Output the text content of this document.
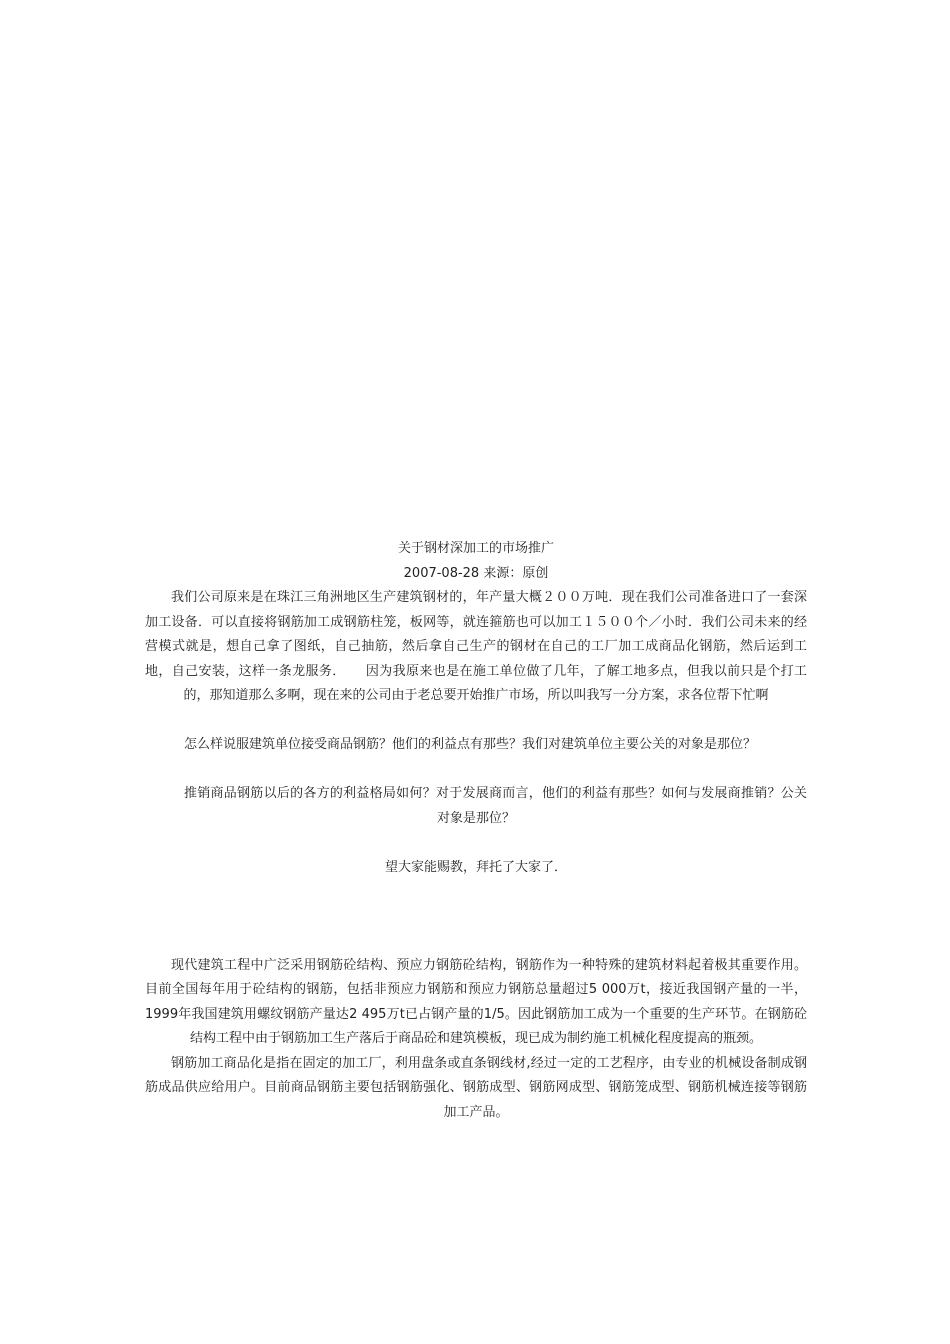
关于钢材深加工的市场推广

2007-08-28 来源：原创

我们公司原来是在珠江三角洲地区生产建筑钢材的，年产量大概２００万吨．现在我们公司准备进口了一套深加工设备．可以直接将钢筋加工成钢筋柱笼，板网等，就连箍筋也可以加工１５００个／小时．我们公司未来的经营模式就是，想自己拿了图纸，自己抽筋，然后拿自己生产的钢材在自己的工厂加工成商品化钢筋，然后运到工地，自己安装，这样一条龙服务．　　因为我原来也是在施工单位做了几年，了解工地多点，但我以前只是个打工的，那知道那么多啊，现在来的公司由于老总要开始推广市场，所以叫我写一分方案，求各位帮下忙啊

怎么样说服建筑单位接受商品钢筋？他们的利益点有那些？我们对建筑单位主要公关的对象是那位？

推销商品钢筋以后的各方的利益格局如何？对于发展商而言，他们的利益有那些？如何与发展商推销？公关对象是那位？

望大家能赐教，拜托了大家了．

现代建筑工程中广泛采用钢筋砼结构、预应力钢筋砼结构，钢筋作为一种特殊的建筑材料起着极其重要作用。目前全国每年用于砼结构的钢筋，包括非预应力钢筋和预应力钢筋总量超过5 000万t，接近我国钢产量的一半，1999年我国建筑用螺纹钢筋产量达2 495万t已占钢产量的1/5。因此钢筋加工成为一个重要的生产环节。在钢筋砼结构工程中由于钢筋加工生产落后于商品砼和建筑模板，现已成为制约施工机械化程度提高的瓶颈。

钢筋加工商品化是指在固定的加工厂，利用盘条或直条钢线材,经过一定的工艺程序，由专业的机械设备制成钢筋成品供应给用户。目前商品钢筋主要包括钢筋强化、钢筋成型、钢筋网成型、钢筋笼成型、钢筋机械连接等钢筋加工产品。
